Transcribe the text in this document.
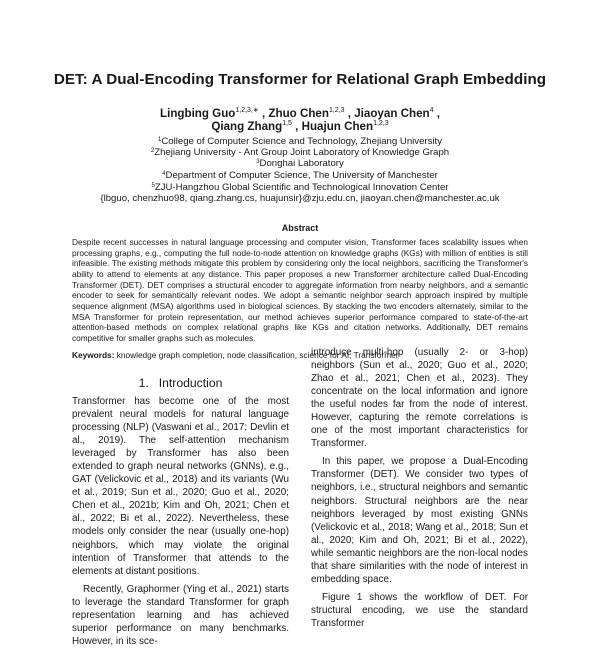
DET: A Dual-Encoding Transformer for Relational Graph Embedding
Lingbing Guo$^{1,2,3,∗}$ , Zhuo Chen$^{1,2,3}$ , Jiaoyan Chen$^4$ ,
Qiang Zhang$^{1,5}$ , Huajun Chen$^{1,2,3}$
$^1$College of Computer Science and Technology, Zhejiang University
$^2$Zhejiang University - Ant Group Joint Laboratory of Knowledge Graph
$^3$Donghai Laboratory
$^4$Department of Computer Science, The University of Manchester
$^5$ZJU-Hangzhou Global Scientific and Technological Innovation Center
{lbguo, chenzhuo98, qiang.zhang.cs, huajunsir}@zju.edu.cn, jiaoyan.chen@manchester.ac.uk
Abstract
Despite recent successes in natural language processing and computer vision, Transformer faces scalability issues when processing graphs, e.g., computing the full node-to-node attention on knowledge graphs (KGs) with million of entities is still infeasible. The existing methods mitigate this problem by considering only the local neighbors, sacrificing the Transformer's ability to attend to elements at any distance. This paper proposes a new Transformer architecture called Dual-Encoding Transformer (DET). DET comprises a structural encoder to aggregate information from nearby neighbors, and a semantic encoder to seek for semantically relevant nodes. We adopt a semantic neighbor search approach inspired by multiple sequence alignment (MSA) algorithms used in biological sciences. By stacking the two encoders alternately, similar to the MSA Transformer for protein representation, our method achieves superior performance compared to state-of-the-art attention-based methods on complex relational graphs like KGs and citation networks. Additionally, DET remains competitive for smaller graphs such as molecules.
Keywords: knowledge graph completion, node classification, science for AI, Transformer
1. Introduction

Transformer has become one of the most prevalent neural models for natural language processing (NLP) (Vaswani et al., 2017; Devlin et al., 2019). The self-attention mechanism leveraged by Transformer has also been extended to graph neural networks (GNNs), e.g., GAT (Velickovic et al., 2018) and its variants (Wu et al., 2019; Sun et al., 2020; Guo et al., 2020; Chen et al., 2021b; Kim and Oh, 2021; Chen et al., 2022; Bi et al., 2022). Nevertheless, these models only consider the near (usually one-hop) neighbors, which may violate the original intention of Transformer that attends to the elements at distant positions.

Recently, Graphormer (Ying et al., 2021) starts to leverage the standard Transformer for graph representation learning and has achieved superior performance on many benchmarks. However, in its sce-

introduce multi-hop (usually 2- or 3-hop) neighbors (Sun et al., 2020; Guo et al., 2020; Zhao et al., 2021; Chen et al., 2023). They concentrate on the local information and ignore the useful nodes far from the node of interest. However, capturing the remote correlations is one of the most important characteristics for Transformer.

In this paper, we propose a Dual-Encoding Transformer (DET). We consider two types of neighbors, i.e., structural neighbors and semantic neighbors. Structural neighbors are the near neighbors leveraged by most existing GNNs (Velickovic et al., 2018; Wang et al., 2018; Sun et al., 2020; Kim and Oh, 2021; Bi et al., 2022), while semantic neighbors are the non-local nodes that share similarities with the node of interest in embedding space.

Figure 1 shows the workflow of DET. For structural encoding, we use the standard Transformer
